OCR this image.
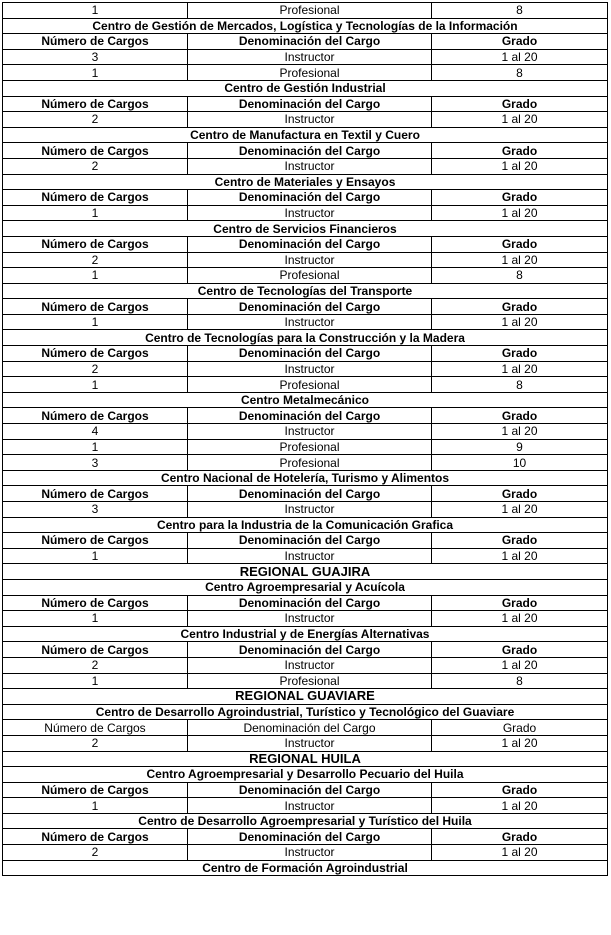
1	Profesional	8
Centro de Gestión de Mercados, Logística y Tecnologías de la Información		
Número de Cargos	Denominación del Cargo	Grado
3	Instructor	1 al 20
1	Profesional	8
Centro de Gestión Industrial		
Número de Cargos	Denominación del Cargo	Grado
2	Instructor	1 al 20
Centro de Manufactura en Textil y Cuero		
Número de Cargos	Denominación del Cargo	Grado
2	Instructor	1 al 20
Centro de Materiales y Ensayos		
Número de Cargos	Denominación del Cargo	Grado
1	Instructor	1 al 20
Centro de Servicios Financieros		
Número de Cargos	Denominación del Cargo	Grado
2	Instructor	1 al 20
1	Profesional	8
Centro de Tecnologías del Transporte		
Número de Cargos	Denominación del Cargo	Grado
1	Instructor	1 al 20
Centro de Tecnologías para la Construcción y la Madera		
Número de Cargos	Denominación del Cargo	Grado
2	Instructor	1 al 20
1	Profesional	8
Centro Metalmecánico		
Número de Cargos	Denominación del Cargo	Grado
4	Instructor	1 al 20
1	Profesional	9
3	Profesional	10
Centro Nacional de Hotelería, Turismo y Alimentos		
Número de Cargos	Denominación del Cargo	Grado
3	Instructor	1 al 20
Centro para la Industria de la Comunicación Grafica		
Número de Cargos	Denominación del Cargo	Grado
1	Instructor	1 al 20
REGIONAL GUAJIRA		
Centro Agroempresarial y Acuícola		
Número de Cargos	Denominación del Cargo	Grado
1	Instructor	1 al 20
Centro Industrial y de Energías Alternativas		
Número de Cargos	Denominación del Cargo	Grado
2	Instructor	1 al 20
1	Profesional	8
REGIONAL GUAVIARE		
Centro de Desarrollo Agroindustrial, Turístico y Tecnológico del Guaviare		
Número de Cargos	Denominación del Cargo	Grado
2	Instructor	1 al 20
REGIONAL HUILA		
Centro Agroempresarial y Desarrollo Pecuario del Huila		
Número de Cargos	Denominación del Cargo	Grado
1	Instructor	1 al 20
Centro de Desarrollo Agroempresarial y Turístico del Huila		
Número de Cargos	Denominación del Cargo	Grado
2	Instructor	1 al 20
Centro de Formación Agroindustrial		
